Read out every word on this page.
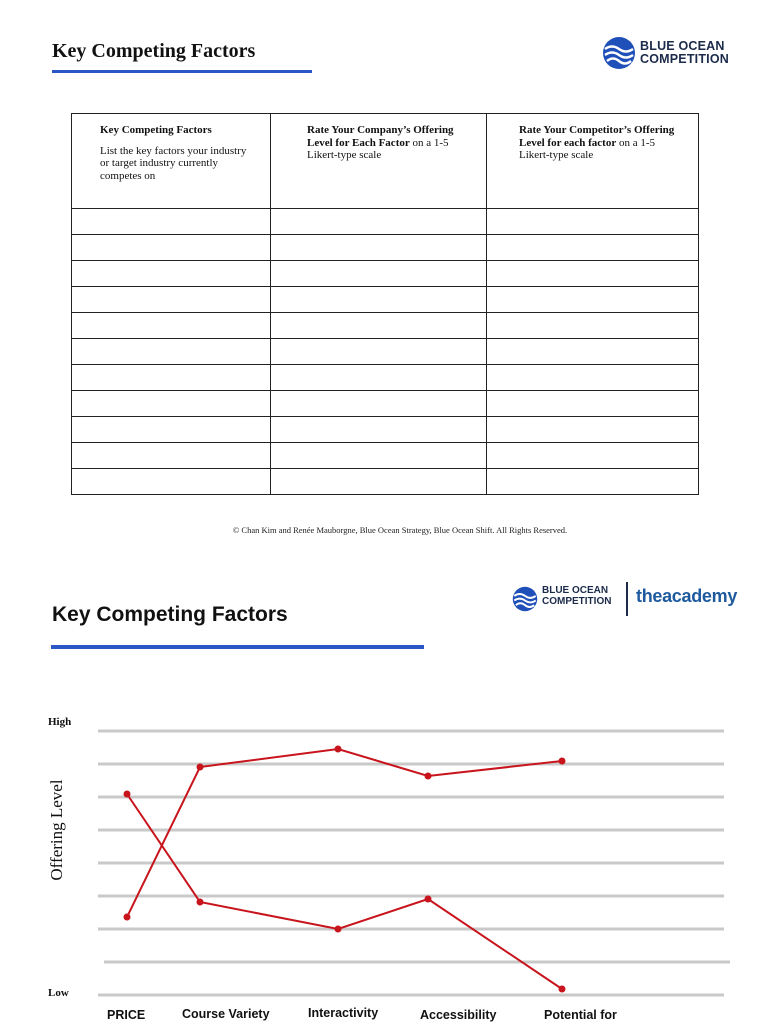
Key Competing Factors	BLUE OCEAN
COMPETITION
Key Competing Factors
List the key factors your industry or target industry currently competes on	Rate Your Company’s Offering Level for Each Factor on a 1-5 Likert-type scale	Rate Your Competitor’s Offering Level for each factor on a 1-5 Likert-type scale

© Chan Kim and Renée Mauborgne, Blue Ocean Strategy, Blue Ocean Shift. All Rights Reserved.
Key Competing Factors
BLUE OCEAN
COMPETITION theacademy
High
Low
Offering Level
PRICE	Course Variety	Interactivity	Accessibility	Potential for
